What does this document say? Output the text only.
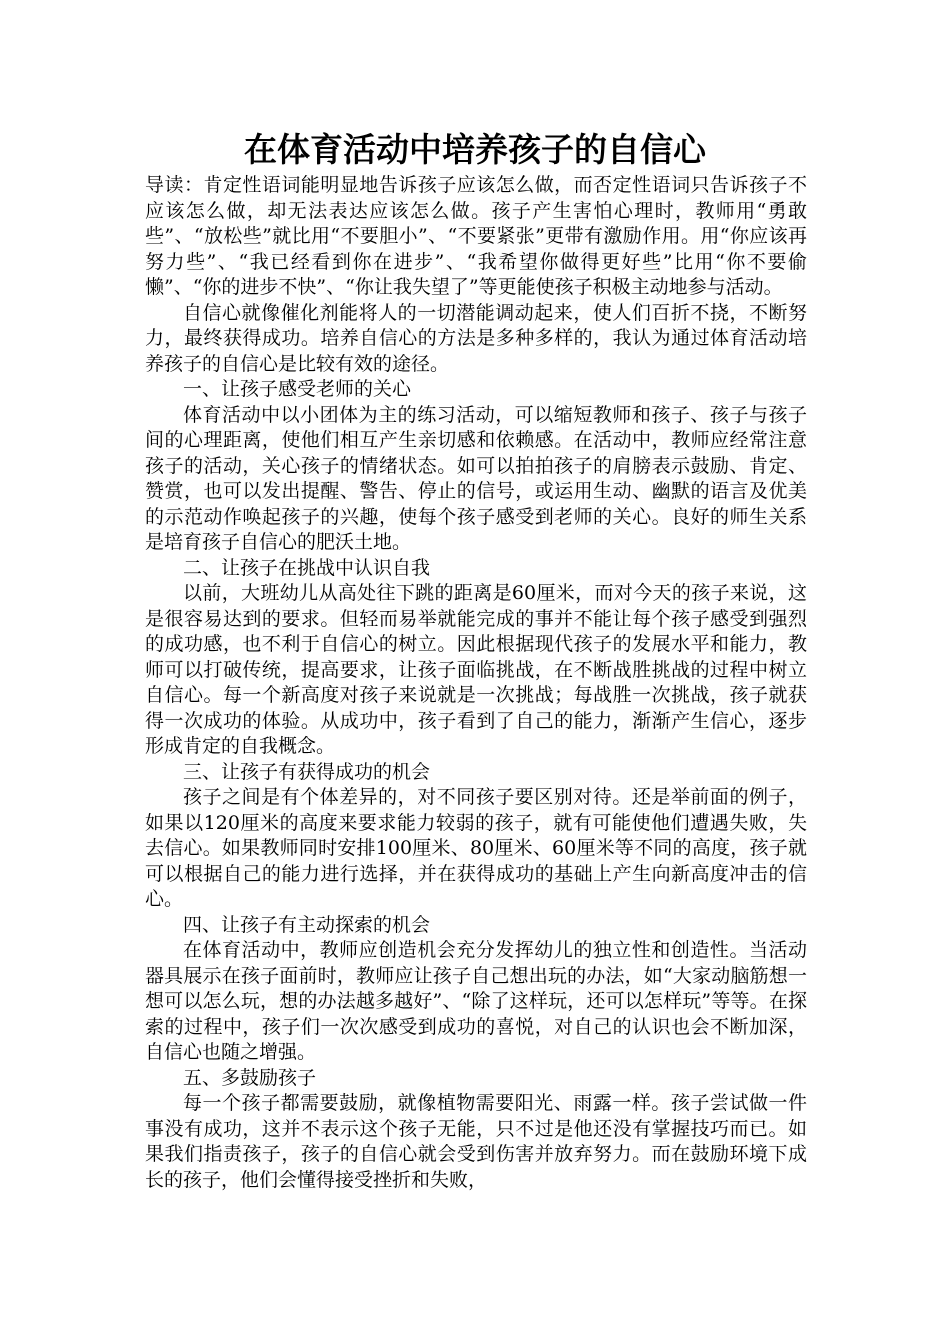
在体育活动中培养孩子的自信心

导读：肯定性语词能明显地告诉孩子应该怎么做，而否定性语词只告诉孩子不应该怎么做，却无法表达应该怎么做。孩子产生害怕心理时，教师用“勇敢些”、“放松些”就比用“不要胆小”、“不要紧张”更带有激励作用。用“你应该再努力些”、“我已经看到你在进步”、“我希望你做得更好些”比用“你不要偷懒”、“你的进步不快”、“你让我失望了”等更能使孩子积极主动地参与活动。

自信心就像催化剂能将人的一切潜能调动起来，使人们百折不挠，不断努力，最终获得成功。培养自信心的方法是多种多样的，我认为通过体育活动培养孩子的自信心是比较有效的途径。

一、让孩子感受老师的关心

体育活动中以小团体为主的练习活动，可以缩短教师和孩子、孩子与孩子间的心理距离，使他们相互产生亲切感和依赖感。在活动中，教师应经常注意孩子的活动，关心孩子的情绪状态。如可以拍拍孩子的肩膀表示鼓励、肯定、赞赏，也可以发出提醒、警告、停止的信号，或运用生动、幽默的语言及优美的示范动作唤起孩子的兴趣，使每个孩子感受到老师的关心。良好的师生关系是培育孩子自信心的肥沃土地。

二、让孩子在挑战中认识自我

以前，大班幼儿从高处往下跳的距离是60厘米，而对今天的孩子来说，这是很容易达到的要求。但轻而易举就能完成的事并不能让每个孩子感受到强烈的成功感，也不利于自信心的树立。因此根据现代孩子的发展水平和能力，教师可以打破传统，提高要求，让孩子面临挑战，在不断战胜挑战的过程中树立自信心。每一个新高度对孩子来说就是一次挑战；每战胜一次挑战，孩子就获得一次成功的体验。从成功中，孩子看到了自己的能力，渐渐产生信心，逐步形成肯定的自我概念。

三、让孩子有获得成功的机会

孩子之间是有个体差异的，对不同孩子要区别对待。还是举前面的例子，如果以120厘米的高度来要求能力较弱的孩子，就有可能使他们遭遇失败，失去信心。如果教师同时安排100厘米、80厘米、60厘米等不同的高度，孩子就可以根据自己的能力进行选择，并在获得成功的基础上产生向新高度冲击的信心。

四、让孩子有主动探索的机会

在体育活动中，教师应创造机会充分发挥幼儿的独立性和创造性。当活动器具展示在孩子面前时，教师应让孩子自己想出玩的办法，如“大家动脑筋想一想可以怎么玩，想的办法越多越好”、“除了这样玩，还可以怎样玩”等等。在探索的过程中，孩子们一次次感受到成功的喜悦，对自己的认识也会不断加深，自信心也随之增强。

五、多鼓励孩子

每一个孩子都需要鼓励，就像植物需要阳光、雨露一样。孩子尝试做一件事没有成功，这并不表示这个孩子无能，只不过是他还没有掌握技巧而已。如果我们指责孩子，孩子的自信心就会受到伤害并放弃努力。而在鼓励环境下成长的孩子，他们会懂得接受挫折和失败，
